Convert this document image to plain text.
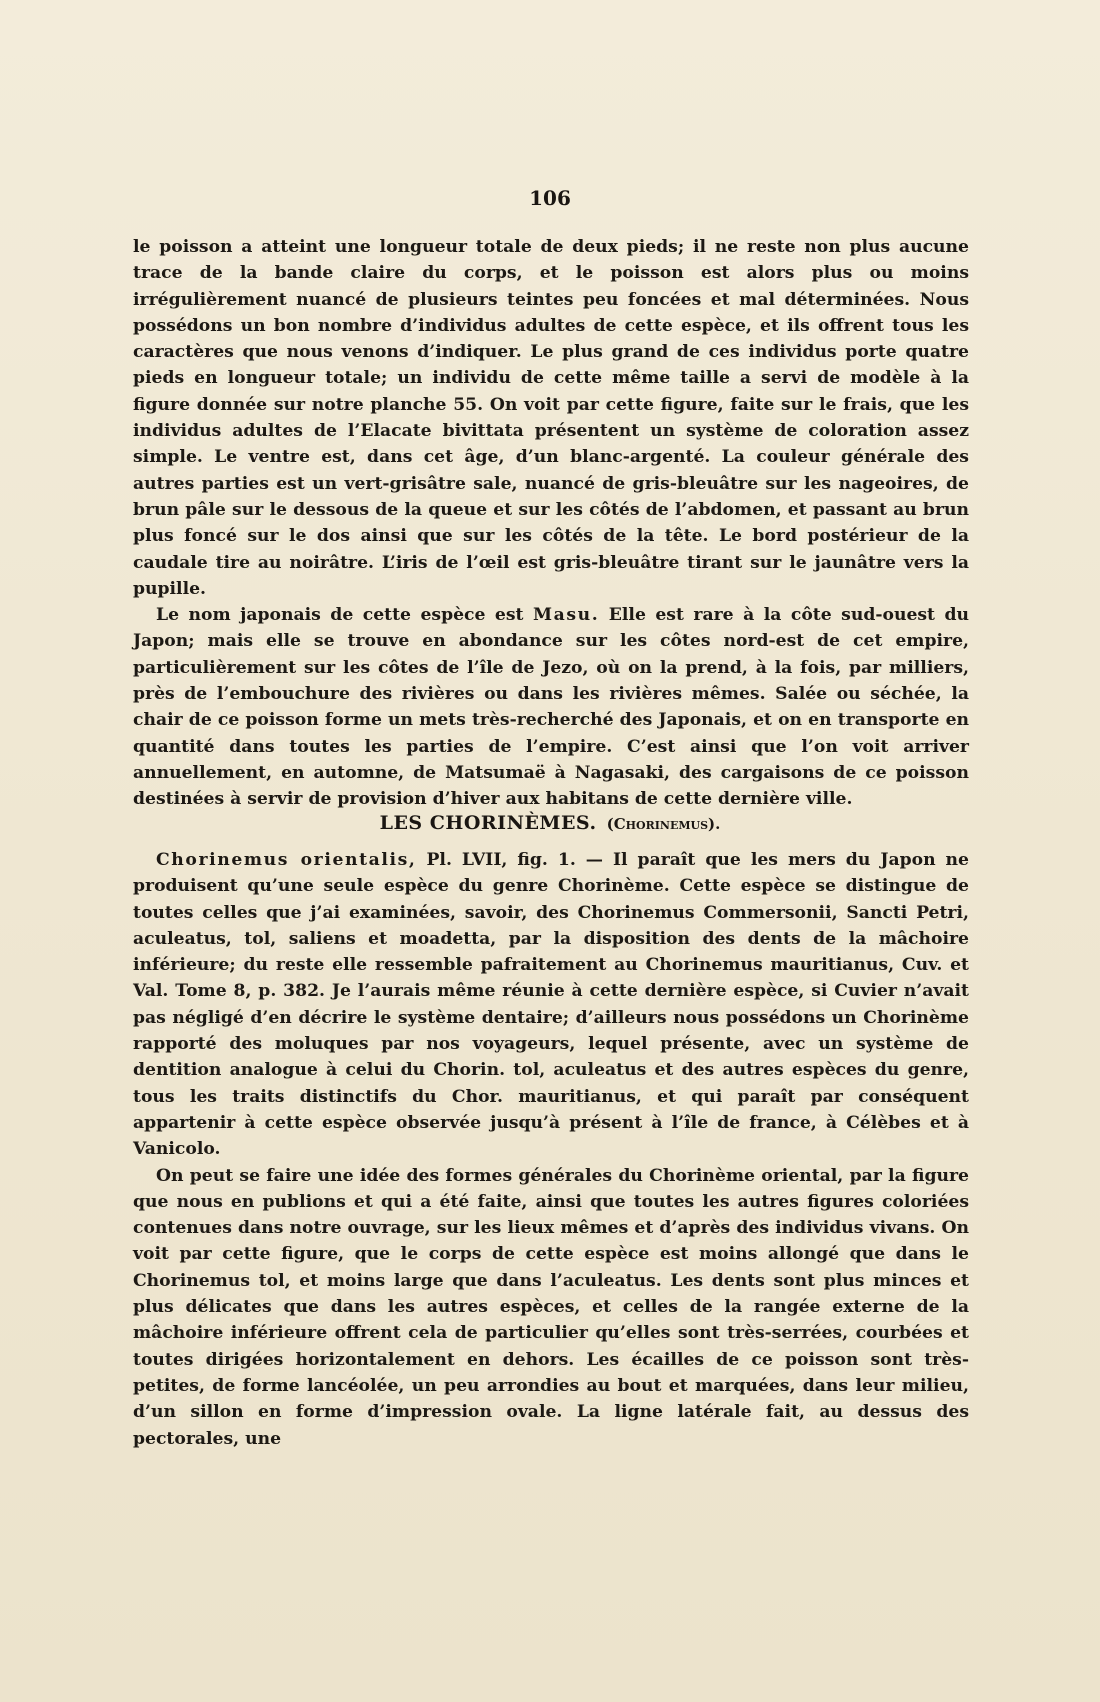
106

le poisson a atteint une longueur totale de deux pieds; il ne reste non plus aucune trace de la bande claire du corps, et le poisson est alors plus ou moins irrégulièrement nuancé de plusieurs teintes peu foncées et mal déterminées. Nous possédons un bon nombre d’individus adultes de cette espèce, et ils offrent tous les caractères que nous venons d’indiquer. Le plus grand de ces individus porte quatre pieds en longueur totale; un individu de cette même taille a servi de modèle à la figure donnée sur notre planche 55. On voit par cette figure, faite sur le frais, que les individus adultes de l’Elacate bivittata présentent un système de coloration assez simple. Le ventre est, dans cet âge, d’un blanc-argenté. La couleur générale des autres parties est un vert-grisâtre sale, nuancé de gris-bleuâtre sur les nageoires, de brun pâle sur le dessous de la queue et sur les côtés de l’abdomen, et passant au brun plus foncé sur le dos ainsi que sur les côtés de la tête. Le bord postérieur de la caudale tire au noirâtre. L’iris de l’œil est gris-bleuâtre tirant sur le jaunâtre vers la pupille.

Le nom japonais de cette espèce est Masu. Elle est rare à la côte sud-ouest du Japon; mais elle se trouve en abondance sur les côtes nord-est de cet empire, particulièrement sur les côtes de l’île de Jezo, où on la prend, à la fois, par milliers, près de l’embouchure des rivières ou dans les rivières mêmes. Salée ou séchée, la chair de ce poisson forme un mets très-recherché des Japonais, et on en transporte en quantité dans toutes les parties de l’empire. C’est ainsi que l’on voit arriver annuellement, en automne, de Matsumaë à Nagasaki, des cargaisons de ce poisson destinées à servir de provision d’hiver aux habitans de cette dernière ville.

LES CHORINÈMES. (Chorinemus).

Chorinemus orientalis, Pl. LVII, fig. 1. — Il paraît que les mers du Japon ne produisent qu’une seule espèce du genre Chorinème. Cette espèce se distingue de toutes celles que j’ai examinées, savoir, des Chorinemus Commersonii, Sancti Petri, aculeatus, tol, saliens et moadetta, par la disposition des dents de la mâchoire inférieure; du reste elle ressemble pafraitement au Chorinemus mauritianus, Cuv. et Val. Tome 8, p. 382. Je l’aurais même réunie à cette dernière espèce, si Cuvier n’avait pas négligé d’en décrire le système dentaire; d’ailleurs nous possédons un Chorinème rapporté des moluques par nos voyageurs, lequel présente, avec un système de dentition analogue à celui du Chorin. tol, aculeatus et des autres espèces du genre, tous les traits distinctifs du Chor. mauritianus, et qui paraît par conséquent appartenir à cette espèce observée jusqu’à présent à l’île de france, à Célèbes et à Vanicolo.

On peut se faire une idée des formes générales du Chorinème oriental, par la figure que nous en publions et qui a été faite, ainsi que toutes les autres figures coloriées contenues dans notre ouvrage, sur les lieux mêmes et d’après des individus vivans. On voit par cette figure, que le corps de cette espèce est moins allongé que dans le Chorinemus tol, et moins large que dans l’aculeatus. Les dents sont plus minces et plus délicates que dans les autres espèces, et celles de la rangée externe de la mâchoire inférieure offrent cela de particulier qu’elles sont très-serrées, courbées et toutes dirigées horizontalement en dehors. Les écailles de ce poisson sont très-petites, de forme lancéolée, un peu arrondies au bout et marquées, dans leur milieu, d’un sillon en forme d’impression ovale. La ligne latérale fait, au dessus des pectorales, une
